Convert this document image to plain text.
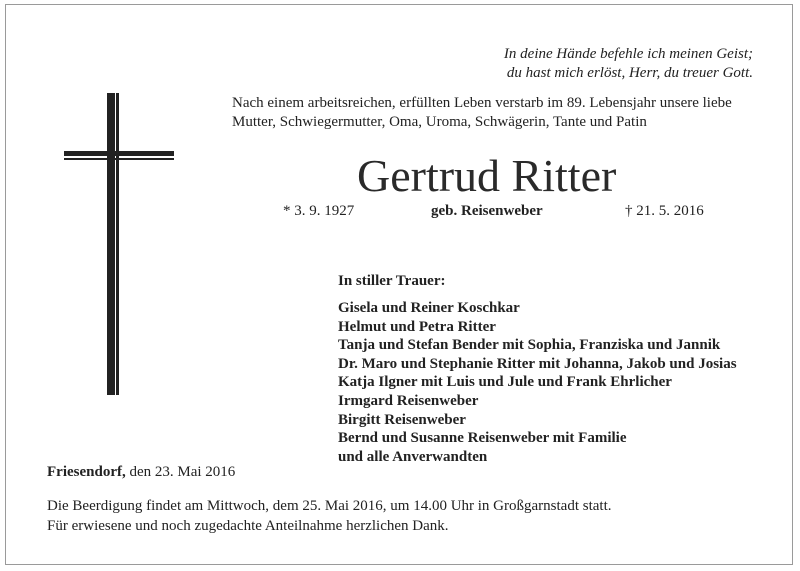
In deine Hände befehle ich meinen Geist;
du hast mich erlöst, Herr, du treuer Gott.
Nach einem arbeitsreichen, erfüllten Leben verstarb im 89. Lebensjahr unsere liebe
Mutter, Schwiegermutter, Oma, Uroma, Schwägerin, Tante und Patin
Gertrud Ritter
* 3. 9. 1927	geb. Reisenweber	† 21. 5. 2016
In stiller Trauer:
Gisela und Reiner Koschkar
Helmut und Petra Ritter
Tanja und Stefan Bender mit Sophia, Franziska und Jannik
Dr. Maro und Stephanie Ritter mit Johanna, Jakob und Josias
Katja Ilgner mit Luis und Jule und Frank Ehrlicher
Irmgard Reisenweber
Birgitt Reisenweber
Bernd und Susanne Reisenweber mit Familie
und alle Anverwandten
Friesendorf, den 23. Mai 2016
Die Beerdigung findet am Mittwoch, dem 25. Mai 2016, um 14.00 Uhr in Großgarnstadt statt.
Für erwiesene und noch zugedachte Anteilnahme herzlichen Dank.
